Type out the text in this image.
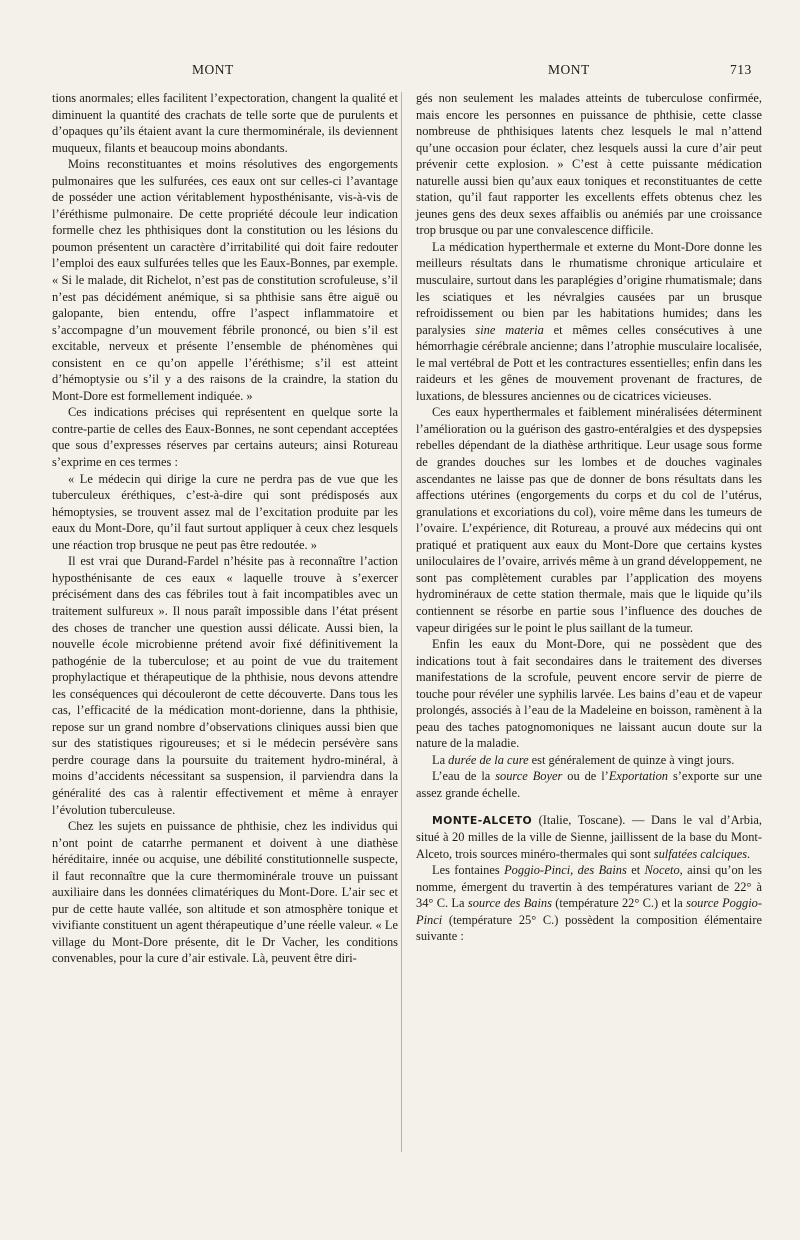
MONT	MONT	713

tions anormales; elles facilitent l’expectoration, changent la qualité et diminuent la quantité des crachats de telle sorte que de purulents et d’opaques qu’ils étaient avant la cure thermominérale, ils deviennent muqueux, filants et beaucoup moins abondants.

Moins reconstituantes et moins résolutives des engorgements pulmonaires que les sulfurées, ces eaux ont sur celles-ci l’avantage de posséder une action véritablement hyposthénisante, vis-à-vis de l’éréthisme pulmonaire. De cette propriété découle leur indication formelle chez les phthisiques dont la constitution ou les lésions du poumon présentent un caractère d’irritabilité qui doit faire redouter l’emploi des eaux sulfurées telles que les Eaux-Bonnes, par exemple. « Si le malade, dit Richelot, n’est pas de constitution scrofuleuse, s’il n’est pas décidément anémique, si sa phthisie sans être aiguë ou galopante, bien entendu, offre l’aspect inflammatoire et s’accompagne d’un mouvement fébrile prononcé, ou bien s’il est excitable, nerveux et présente l’ensemble de phénomènes qui consistent en ce qu’on appelle l’éréthisme; s’il est atteint d’hémoptysie ou s’il y a des raisons de la craindre, la station du Mont-Dore est formellement indiquée. »

Ces indications précises qui représentent en quelque sorte la contre-partie de celles des Eaux-Bonnes, ne sont cependant acceptées que sous d’expresses réserves par certains auteurs; ainsi Rotureau s’exprime en ces termes :

« Le médecin qui dirige la cure ne perdra pas de vue que les tuberculeux éréthiques, c’est-à-dire qui sont prédisposés aux hémoptysies, se trouvent assez mal de l’excitation produite par les eaux du Mont-Dore, qu’il faut surtout appliquer à ceux chez lesquels une réaction trop brusque ne peut pas être redoutée. »

Il est vrai que Durand-Fardel n’hésite pas à reconnaître l’action hyposthénisante de ces eaux « laquelle trouve à s’exercer précisément dans des cas fébriles tout à fait incompatibles avec un traitement sulfureux ». Il nous paraît impossible dans l’état présent des choses de trancher une question aussi délicate. Aussi bien, la nouvelle école microbienne prétend avoir fixé définitivement la pathogénie de la tuberculose; et au point de vue du traitement prophylactique et thérapeutique de la phthisie, nous devons attendre les conséquences qui découleront de cette découverte. Dans tous les cas, l’efficacité de la médication mont-dorienne, dans la phthisie, repose sur un grand nombre d’observations cliniques aussi bien que sur des statistiques rigoureuses; et si le médecin persévère sans perdre courage dans la poursuite du traitement hydro-minéral, à moins d’accidents nécessitant sa suspension, il parviendra dans la généralité des cas à ralentir effectivement et même à enrayer l’évolution tuberculeuse.

Chez les sujets en puissance de phthisie, chez les individus qui n’ont point de catarrhe permanent et doivent à une diathèse héréditaire, innée ou acquise, une débilité constitutionnelle suspecte, il faut reconnaître que la cure thermominérale trouve un puissant auxiliaire dans les données climatériques du Mont-Dore. L’air sec et pur de cette haute vallée, son altitude et son atmosphère tonique et vivifiante constituent un agent thérapeutique d’une réelle valeur. « Le village du Mont-Dore présente, dit le Dr Vacher, les conditions convenables, pour la cure d’air estivale. Là, peuvent être diri-

gés non seulement les malades atteints de tuberculose confirmée, mais encore les personnes en puissance de phthisie, cette classe nombreuse de phthisiques latents chez lesquels le mal n’attend qu’une occasion pour éclater, chez lesquels aussi la cure d’air peut prévenir cette explosion. » C’est à cette puissante médication naturelle aussi bien qu’aux eaux toniques et reconstituantes de cette station, qu’il faut rapporter les excellents effets obtenus chez les jeunes gens des deux sexes affaiblis ou anémiés par une croissance trop brusque ou par une convalescence difficile.

La médication hyperthermale et externe du Mont-Dore donne les meilleurs résultats dans le rhumatisme chronique articulaire et musculaire, surtout dans les paraplégies d’origine rhumatismale; dans les sciatiques et les névralgies causées par un brusque refroidissement ou bien par les habitations humides; dans les paralysies sine materia et mêmes celles consécutives à une hémorrhagie cérébrale ancienne; dans l’atrophie musculaire localisée, le mal vertébral de Pott et les contractures essentielles; enfin dans les raideurs et les gênes de mouvement provenant de fractures, de luxations, de blessures anciennes ou de cicatrices vicieuses.

Ces eaux hyperthermales et faiblement minéralisées déterminent l’amélioration ou la guérison des gastro-entéralgies et des dyspepsies rebelles dépendant de la diathèse arthritique. Leur usage sous forme de grandes douches sur les lombes et de douches vaginales ascendantes ne laisse pas que de donner de bons résultats dans les affections utérines (engorgements du corps et du col de l’utérus, granulations et excoriations du col), voire même dans les tumeurs de l’ovaire. L’expérience, dit Rotureau, a prouvé aux médecins qui ont pratiqué et pratiquent aux eaux du Mont-Dore que certains kystes uniloculaires de l’ovaire, arrivés même à un grand développement, ne sont pas complètement curables par l’application des moyens hydrominéraux de cette station thermale, mais que le liquide qu’ils contiennent se résorbe en partie sous l’influence des douches de vapeur dirigées sur le point le plus saillant de la tumeur.

Enfin les eaux du Mont-Dore, qui ne possèdent que des indications tout à fait secondaires dans le traitement des diverses manifestations de la scrofule, peuvent encore servir de pierre de touche pour révéler une syphilis larvée. Les bains d’eau et de vapeur prolongés, associés à l’eau de la Madeleine en boisson, ramènent à la peau des taches patognomoniques ne laissant aucun doute sur la nature de la maladie.

La durée de la cure est généralement de quinze à vingt jours.

L’eau de la source Boyer ou de l’Exportation s’exporte sur une assez grande échelle.

MONTE-ALCETO (Italie, Toscane). — Dans le val d’Arbia, situé à 20 milles de la ville de Sienne, jaillissent de la base du Mont-Alceto, trois sources minéro-thermales qui sont sulfatées calciques.

Les fontaines Poggio-Pinci, des Bains et Noceto, ainsi qu’on les nomme, émergent du travertin à des températures variant de 22° à 34° C. La source des Bains (température 22° C.) et la source Poggio-Pinci (température 25° C.) possèdent la composition élémentaire suivante :
